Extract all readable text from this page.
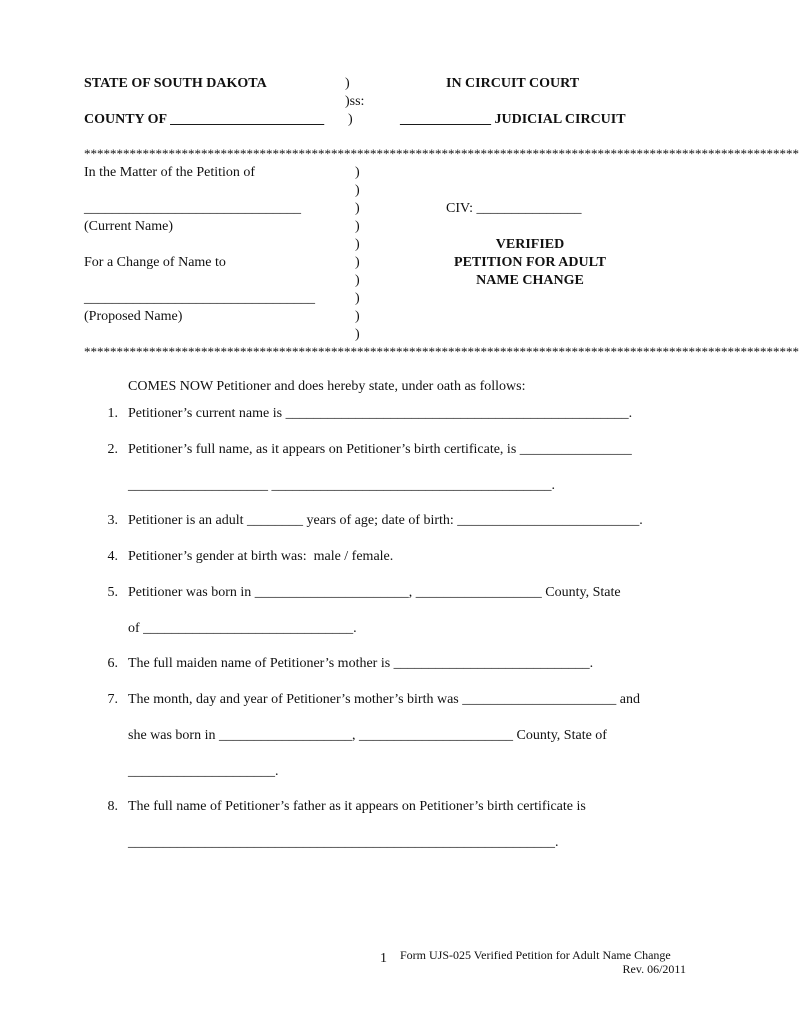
STATE OF SOUTH DAKOTA	)	IN CIRCUIT COURT
)ss:
COUNTY OF ______________________ )	_____________ JUDICIAL CIRCUIT
**************************************************************************************************************
In the Matter of the Petition of
_______________________________
(Current Name)
For a Change of Name to
_________________________________
(Proposed Name)
)
)
)
)
)
)
)
)
)
)
CIV: _______________
VERIFIED
PETITION FOR ADULT
NAME CHANGE
**************************************************************************************************************
COMES NOW Petitioner and does hereby state, under oath as follows:
1. Petitioner’s current name is _________________________________________________.
2. Petitioner’s full name, as it appears on Petitioner’s birth certificate, is ________________
____________________ ________________________________________.
3. Petitioner is an adult ________ years of age; date of birth: __________________________.
4. Petitioner’s gender at birth was:  male / female.
5. Petitioner was born in ______________________, __________________ County, State
of ______________________________.
6. The full maiden name of Petitioner’s mother is ____________________________.
7. The month, day and year of Petitioner’s mother’s birth was ______________________ and
she was born in ___________________, ______________________ County, State of
_____________________.
8. The full name of Petitioner’s father as it appears on Petitioner’s birth certificate is
_____________________________________________________________.
1 Form UJS-025 Verified Petition for Adult Name Change
Rev. 06/2011
